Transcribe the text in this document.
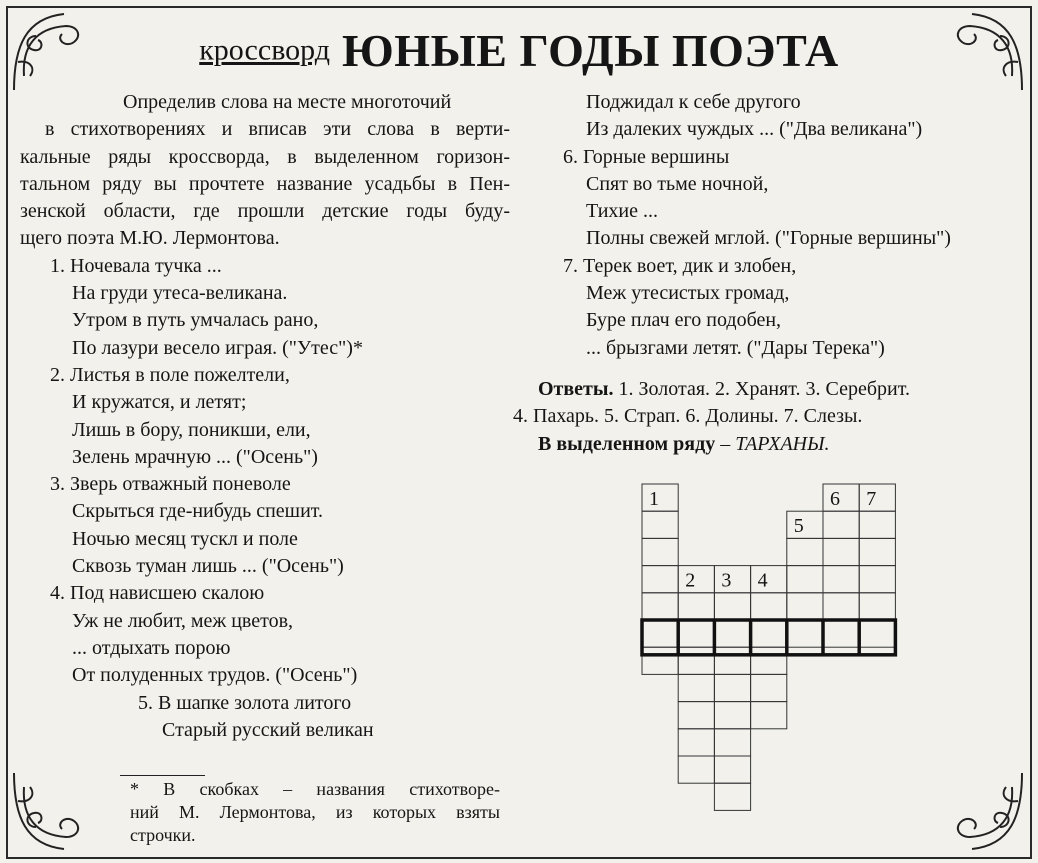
кроссворд ЮНЫЕ ГОДЫ ПОЭТА

Определив слова на месте многоточий

в стихотворениях и вписав эти слова в верти-

кальные ряды кроссворда, в выделенном горизон-

тальном ряду вы прочтете название усадьбы в Пен-

зенской области, где прошли детские годы буду-

щего поэта М.Ю. Лермонтова.

1. Ночевала тучка ...

На груди утеса-великана.

Утром в путь умчалась рано,

По лазури весело играя. ("Утес")*

2. Листья в поле пожелтели,

И кружатся, и летят;

Лишь в бору, поникши, ели,

Зелень мрачную ... ("Осень")

3. Зверь отважный поневоле

Скрыться где-нибудь спешит.

Ночью месяц тускл и поле

Сквозь туман лишь ... ("Осень")

4. Под нависшею скалою

Уж не любит, меж цветов,

... отдыхать порою

От полуденных трудов. ("Осень")

5. В шапке золота литого

Старый русский великан

Поджидал к себе другого

Из далеких чуждых ... ("Два великана")

6. Горные вершины

Спят во тьме ночной,

Тихие ...

Полны свежей мглой. ("Горные вершины")

7. Терек воет, дик и злобен,

Меж утесистых громад,

Буре плач его подобен,

... брызгами летят. ("Дары Терека")

Ответы. 1. Золотая. 2. Хранят. 3. Серебрит.

4. Пахарь. 5. Страп. 6. Долины. 7. Слезы.

В выделенном ряду – ТАРХАНЫ.

* В скобках – названия стихотворе-
ний М. Лермонтова, из которых взяты
строчки.
1
2 3 4
5
6 7
